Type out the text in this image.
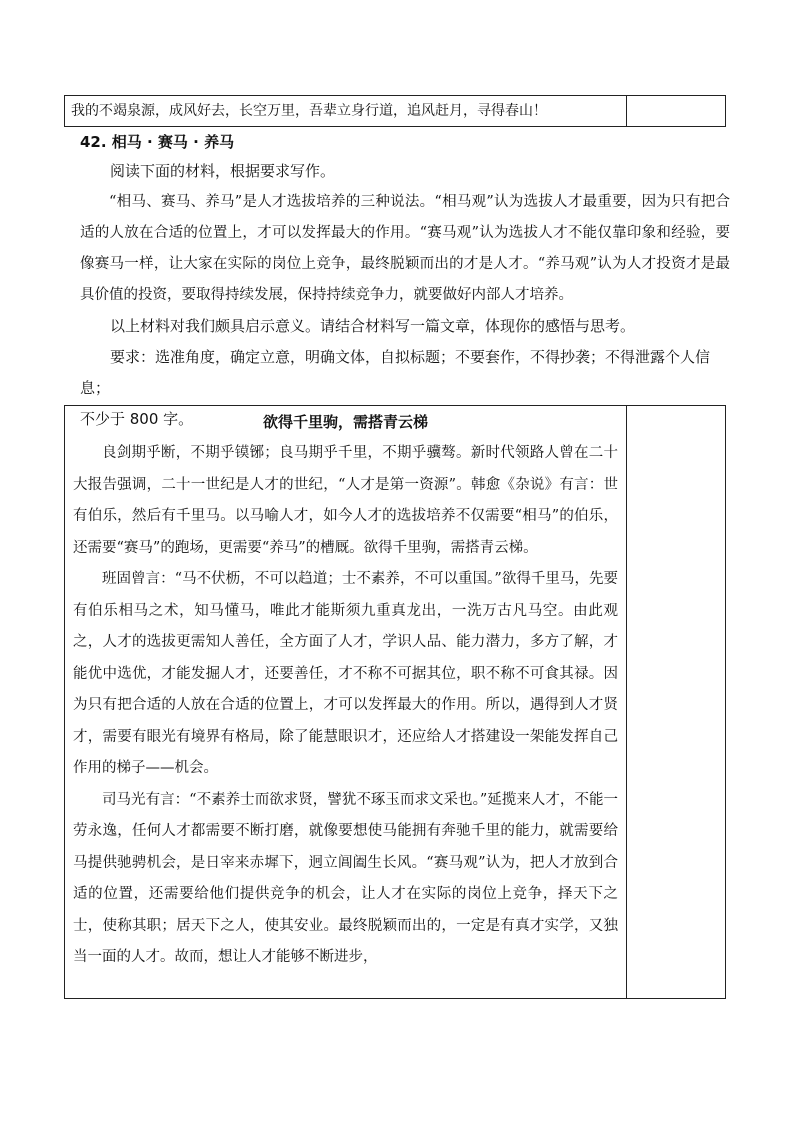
我的不竭泉源，成风好去，长空万里，吾辈立身行道，追风赶月，寻得春山！
42. 相马 · 赛马 · 养马

阅读下面的材料，根据要求写作。

“相马、赛马、养马”是人才选拔培养的三种说法。“相马观”认为选拔人才最重要，因为只有把合适的人放在合适的位置上，才可以发挥最大的作用。“赛马观”认为选拔人才不能仅靠印象和经验，要像赛马一样，让大家在实际的岗位上竞争，最终脱颖而出的才是人才。“养马观”认为人才投资才是最具价值的投资，要取得持续发展，保持持续竞争力，就要做好内部人才培养。

以上材料对我们颇具启示意义。请结合材料写一篇文章，体现你的感悟与思考。

要求：选准角度，确定立意，明确文体，自拟标题；不要套作，不得抄袭；不得泄露个人信息；

不少于 800 字。	欲得千里驹，需搭青云梯

良剑期乎断，不期乎镆铘；良马期乎千里，不期乎骥骜。新时代领路人曾在二十大报告强调，二十一世纪是人才的世纪，“人才是第一资源”。韩愈《杂说》有言：世有伯乐，然后有千里马。以马喻人才，如今人才的选拔培养不仅需要“相马”的伯乐，还需要“赛马”的跑场，更需要“养马”的槽厩。欲得千里驹，需搭青云梯。

班固曾言：“马不伏枥，不可以趋道；士不素养，不可以重国。”欲得千里马，先要有伯乐相马之术，知马懂马，唯此才能斯须九重真龙出，一洗万古凡马空。由此观之，人才的选拔更需知人善任，全方面了人才，学识人品、能力潜力，多方了解，才能优中选优，才能发掘人才，还要善任，才不称不可据其位，职不称不可食其禄。因为只有把合适的人放在合适的位置上，才可以发挥最大的作用。所以，遇得到人才贤才，需要有眼光有境界有格局，除了能慧眼识才，还应给人才搭建设一架能发挥自己作用的梯子——机会。

司马光有言：“不素养士而欲求贤，譬犹不琢玉而求文采也。”延揽来人才，不能一劳永逸，任何人才都需要不断打磨，就像要想使马能拥有奔驰千里的能力，就需要给马提供驰骋机会，是日宰来赤墀下，迥立阊阖生长风。“赛马观”认为，把人才放到合适的位置，还需要给他们提供竞争的机会，让人才在实际的岗位上竞争，择天下之士，使称其职；居天下之人，使其安业。最终脱颖而出的，一定是有真才实学，又独当一面的人才。故而，想让人才能够不断进步，
